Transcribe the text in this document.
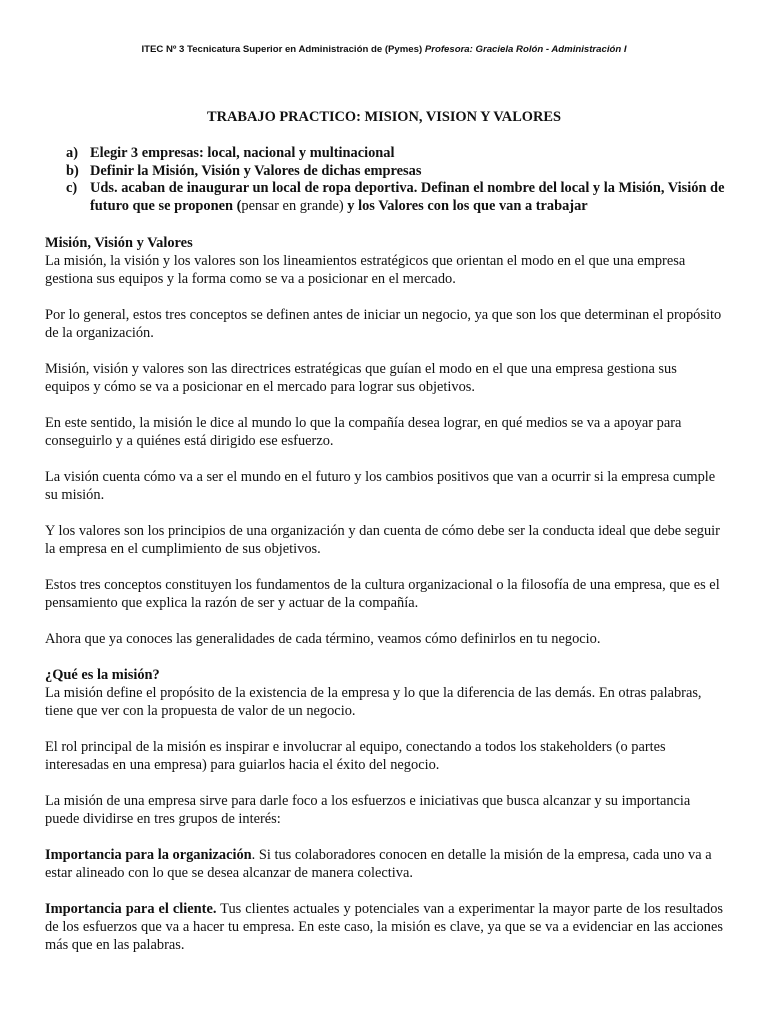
ITEC Nº 3 Tecnicatura Superior en Administración de (Pymes) Profesora: Graciela Rolón - Administración I
TRABAJO PRACTICO: MISION, VISION Y VALORES
a) Elegir 3 empresas: local, nacional y multinacional
b) Definir la Misión, Visión y Valores de dichas empresas
c) Uds. acaban de inaugurar un local de ropa deportiva. Definan el nombre del local y la Misión, Visión de futuro que se proponen (pensar en grande) y los Valores con los que van a trabajar
Misión, Visión y Valores

La misión, la visión y los valores son los lineamientos estratégicos que orientan el modo en el que una empresa gestiona sus equipos y la forma como se va a posicionar en el mercado.

Por lo general, estos tres conceptos se definen antes de iniciar un negocio, ya que son los que determinan el propósito de la organización.

Misión, visión y valores son las directrices estratégicas que guían el modo en el que una empresa gestiona sus equipos y cómo se va a posicionar en el mercado para lograr sus objetivos.

En este sentido, la misión le dice al mundo lo que la compañía desea lograr, en qué medios se va a apoyar para conseguirlo y a quiénes está dirigido ese esfuerzo.

La visión cuenta cómo va a ser el mundo en el futuro y los cambios positivos que van a ocurrir si la empresa cumple su misión.

Y los valores son los principios de una organización y dan cuenta de cómo debe ser la conducta ideal que debe seguir la empresa en el cumplimiento de sus objetivos.

Estos tres conceptos constituyen los fundamentos de la cultura organizacional o la filosofía de una empresa, que es el pensamiento que explica la razón de ser y actuar de la compañía.

Ahora que ya conoces las generalidades de cada término, veamos cómo definirlos en tu negocio.

¿Qué es la misión?

La misión define el propósito de la existencia de la empresa y lo que la diferencia de las demás. En otras palabras, tiene que ver con la propuesta de valor de un negocio.

El rol principal de la misión es inspirar e involucrar al equipo, conectando a todos los stakeholders (o partes interesadas en una empresa) para guiarlos hacia el éxito del negocio.

La misión de una empresa sirve para darle foco a los esfuerzos e iniciativas que busca alcanzar y su importancia puede dividirse en tres grupos de interés:

Importancia para la organización. Si tus colaboradores conocen en detalle la misión de la empresa, cada uno va a estar alineado con lo que se desea alcanzar de manera colectiva.

Importancia para el cliente. Tus clientes actuales y potenciales van a experimentar la mayor parte de los resultados de los esfuerzos que va a hacer tu empresa. En este caso, la misión es clave, ya que se va a evidenciar en las acciones más que en las palabras.
